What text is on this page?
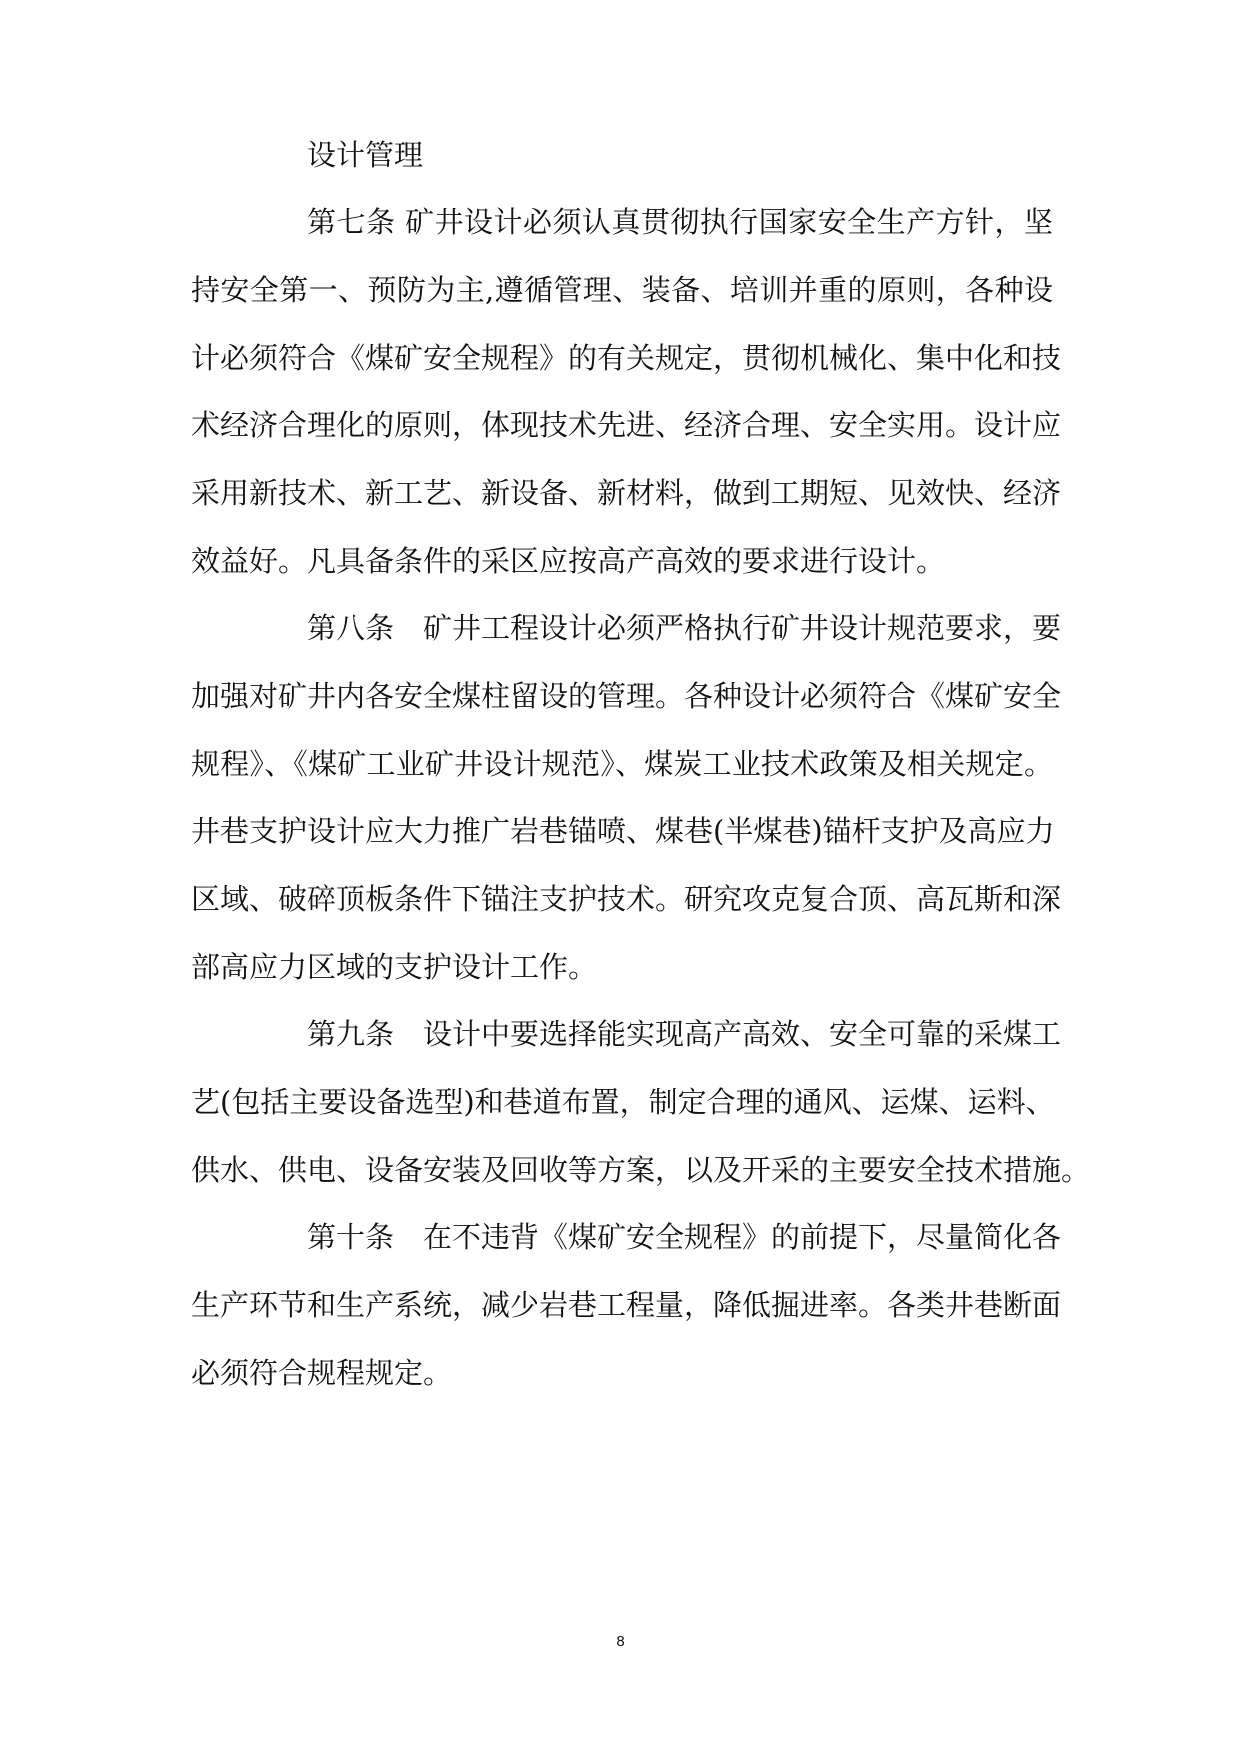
设计管理
第七条 矿井设计必须认真贯彻执行国家安全生产方针，坚
持安全第一、预防为主,遵循管理、装备、培训并重的原则，各种设
计必须符合《煤矿安全规程》的有关规定，贯彻机械化、集中化和技
术经济合理化的原则，体现技术先进、经济合理、安全实用。设计应
采用新技术、新工艺、新设备、新材料，做到工期短、见效快、经济
效益好。凡具备条件的采区应按高产高效的要求进行设计。
第八条　矿井工程设计必须严格执行矿井设计规范要求，要
加强对矿井内各安全煤柱留设的管理。各种设计必须符合《煤矿安全
规程》、《煤矿工业矿井设计规范》、煤炭工业技术政策及相关规定。
井巷支护设计应大力推广岩巷锚喷、煤巷(半煤巷)锚杆支护及高应力
区域、破碎顶板条件下锚注支护技术。研究攻克复合顶、高瓦斯和深
部高应力区域的支护设计工作。
第九条　设计中要选择能实现高产高效、安全可靠的采煤工
艺(包括主要设备选型)和巷道布置，制定合理的通风、运煤、运料、
供水、供电、设备安装及回收等方案，以及开采的主要安全技术措施。
第十条　在不违背《煤矿安全规程》的前提下，尽量简化各
生产环节和生产系统，减少岩巷工程量，降低掘进率。各类井巷断面
必须符合规程规定。
8
